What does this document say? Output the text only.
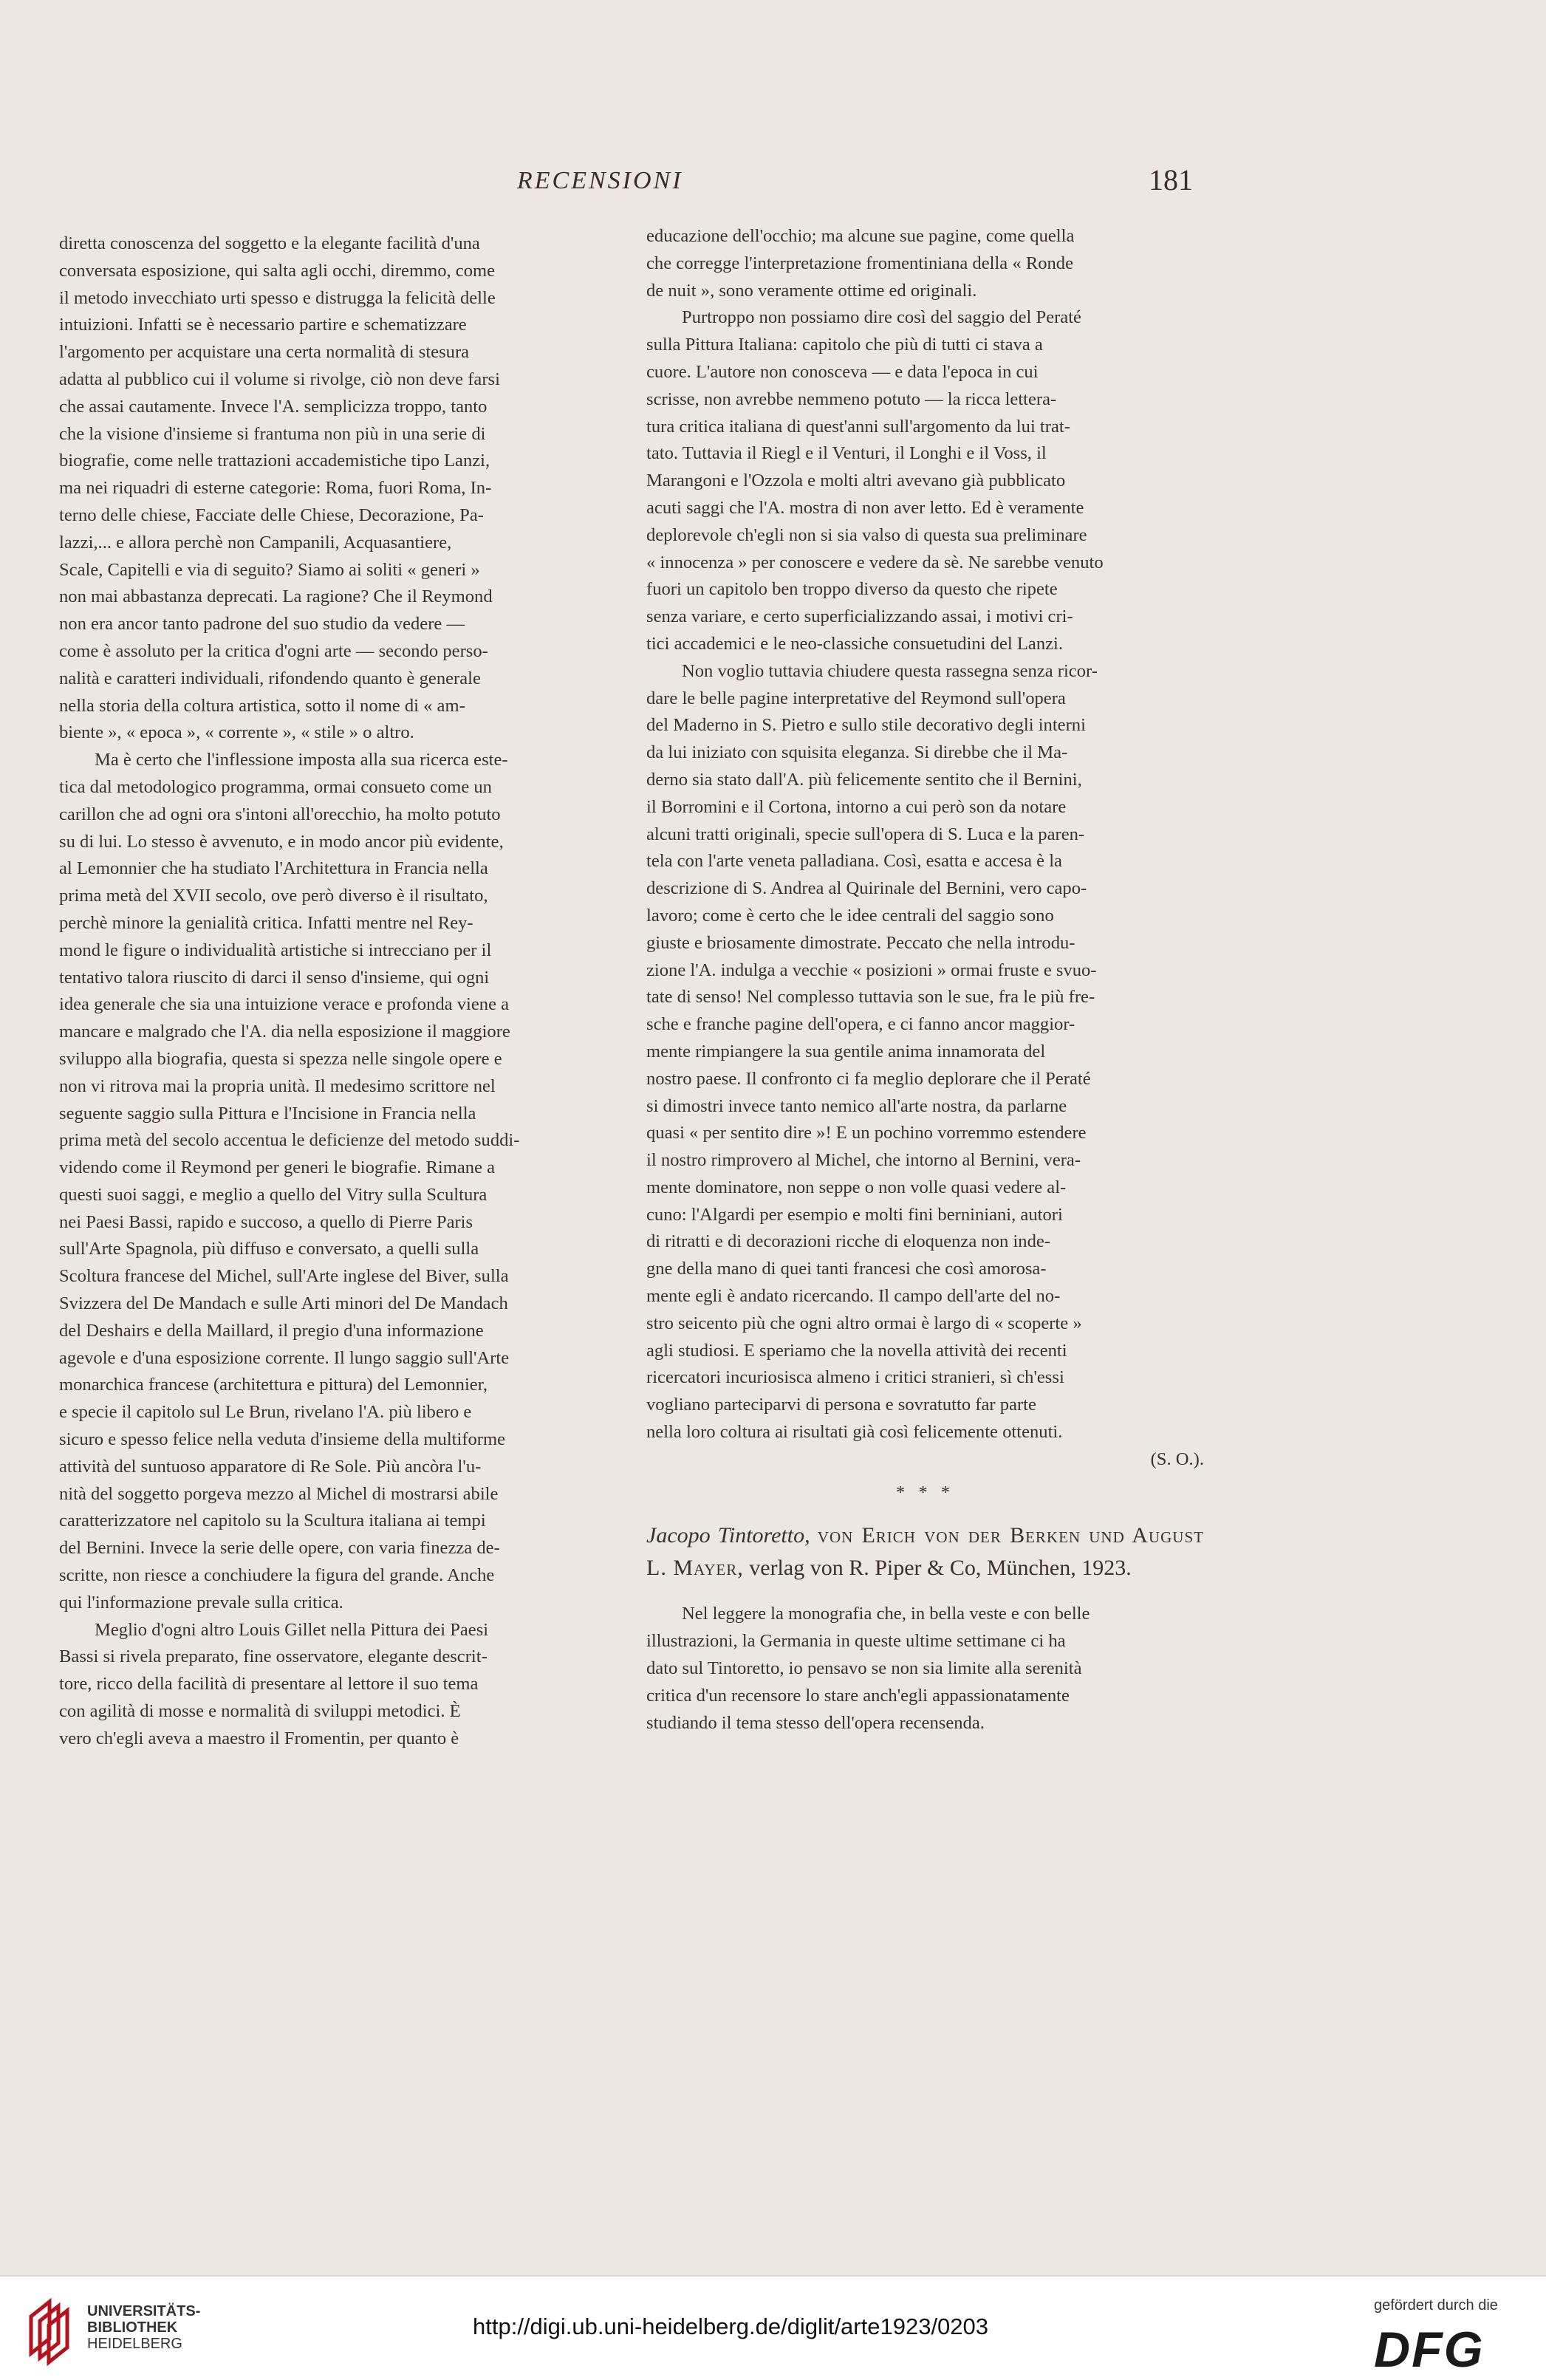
RECENSIONI	181
diretta conoscenza del soggetto e la elegante facilità d'una
conversata esposizione, qui salta agli occhi, diremmo, come
il metodo invecchiato urti spesso e distrugga la felicità delle
intuizioni. Infatti se è necessario partire e schematizzare
l'argomento per acquistare una certa normalità di stesura
adatta al pubblico cui il volume si rivolge, ciò non deve farsi
che assai cautamente. Invece l'A. semplicizza troppo, tanto
che la visione d'insieme si frantuma non più in una serie di
biografie, come nelle trattazioni accademistiche tipo Lanzi,
ma nei riquadri di esterne categorie: Roma, fuori Roma, In-
terno delle chiese, Facciate delle Chiese, Decorazione, Pa-
lazzi,... e allora perchè non Campanili, Acquasantiere,
Scale, Capitelli e via di seguito? Siamo ai soliti « generi »
non mai abbastanza deprecati. La ragione? Che il Reymond
non era ancor tanto padrone del suo studio da vedere —
come è assoluto per la critica d'ogni arte — secondo perso-
nalità e caratteri individuali, rifondendo quanto è generale
nella storia della coltura artistica, sotto il nome di « am-
biente », « epoca », « corrente », « stile » o altro.
Ma è certo che l'inflessione imposta alla sua ricerca este-
tica dal metodologico programma, ormai consueto come un
carillon che ad ogni ora s'intoni all'orecchio, ha molto potuto
su di lui. Lo stesso è avvenuto, e in modo ancor più evidente,
al Lemonnier che ha studiato l'Architettura in Francia nella
prima metà del XVII secolo, ove però diverso è il risultato,
perchè minore la genialità critica. Infatti mentre nel Rey-
mond le figure o individualità artistiche si intrecciano per il
tentativo talora riuscito di darci il senso d'insieme, qui ogni
idea generale che sia una intuizione verace e profonda viene a
mancare e malgrado che l'A. dia nella esposizione il maggiore
sviluppo alla biografia, questa si spezza nelle singole opere e
non vi ritrova mai la propria unità. Il medesimo scrittore nel
seguente saggio sulla Pittura e l'Incisione in Francia nella
prima metà del secolo accentua le deficienze del metodo suddi-
videndo come il Reymond per generi le biografie. Rimane a
questi suoi saggi, e meglio a quello del Vitry sulla Scultura
nei Paesi Bassi, rapido e succoso, a quello di Pierre Paris
sull'Arte Spagnola, più diffuso e conversato, a quelli sulla
Scoltura francese del Michel, sull'Arte inglese del Biver, sulla
Svizzera del De Mandach e sulle Arti minori del De Mandach
del Deshairs e della Maillard, il pregio d'una informazione
agevole e d'una esposizione corrente. Il lungo saggio sull'Arte
monarchica francese (architettura e pittura) del Lemonnier,
e specie il capitolo sul Le Brun, rivelano l'A. più libero e
sicuro e spesso felice nella veduta d'insieme della multiforme
attività del suntuoso apparatore di Re Sole. Più ancòra l'u-
nità del soggetto porgeva mezzo al Michel di mostrarsi abile
caratterizzatore nel capitolo su la Scultura italiana ai tempi
del Bernini. Invece la serie delle opere, con varia finezza de-
scritte, non riesce a conchiudere la figura del grande. Anche
qui l'informazione prevale sulla critica.
Meglio d'ogni altro Louis Gillet nella Pittura dei Paesi
Bassi si rivela preparato, fine osservatore, elegante descrit-
tore, ricco della facilità di presentare al lettore il suo tema
con agilità di mosse e normalità di sviluppi metodici. È
vero ch'egli aveva a maestro il Fromentin, per quanto è
educazione dell'occhio; ma alcune sue pagine, come quella
che corregge l'interpretazione fromentiniana della « Ronde
de nuit », sono veramente ottime ed originali.
Purtroppo non possiamo dire così del saggio del Peraté
sulla Pittura Italiana: capitolo che più di tutti ci stava a
cuore. L'autore non conosceva — e data l'epoca in cui
scrisse, non avrebbe nemmeno potuto — la ricca lettera-
tura critica italiana di quest'anni sull'argomento da lui trat-
tato. Tuttavia il Riegl e il Venturi, il Longhi e il Voss, il
Marangoni e l'Ozzola e molti altri avevano già pubblicato
acuti saggi che l'A. mostra di non aver letto. Ed è veramente
deplorevole ch'egli non si sia valso di questa sua preliminare
« innocenza » per conoscere e vedere da sè. Ne sarebbe venuto
fuori un capitolo ben troppo diverso da questo che ripete
senza variare, e certo superficializzando assai, i motivi cri-
tici accademici e le neo-classiche consuetudini del Lanzi.
Non voglio tuttavia chiudere questa rassegna senza ricor-
dare le belle pagine interpretative del Reymond sull'opera
del Maderno in S. Pietro e sullo stile decorativo degli interni
da lui iniziato con squisita eleganza. Si direbbe che il Ma-
derno sia stato dall'A. più felicemente sentito che il Bernini,
il Borromini e il Cortona, intorno a cui però son da notare
alcuni tratti originali, specie sull'opera di S. Luca e la paren-
tela con l'arte veneta palladiana. Così, esatta e accesa è la
descrizione di S. Andrea al Quirinale del Bernini, vero capo-
lavoro; come è certo che le idee centrali del saggio sono
giuste e briosamente dimostrate. Peccato che nella introdu-
zione l'A. indulga a vecchie « posizioni » ormai fruste e svuo-
tate di senso! Nel complesso tuttavia son le sue, fra le più fre-
sche e franche pagine dell'opera, e ci fanno ancor maggior-
mente rimpiangere la sua gentile anima innamorata del
nostro paese. Il confronto ci fa meglio deplorare che il Peraté
si dimostri invece tanto nemico all'arte nostra, da parlarne
quasi « per sentito dire »! E un pochino vorremmo estendere
il nostro rimprovero al Michel, che intorno al Bernini, vera-
mente dominatore, non seppe o non volle quasi vedere al-
cuno: l'Algardi per esempio e molti fini berniniani, autori
di ritratti e di decorazioni ricche di eloquenza non inde-
gne della mano di quei tanti francesi che così amorosa-
mente egli è andato ricercando. Il campo dell'arte del no-
stro seicento più che ogni altro ormai è largo di « scoperte »
agli studiosi. E speriamo che la novella attività dei recenti
ricercatori incuriosisca almeno i critici stranieri, sì ch'essi
vogliano parteciparvi di persona e sovratutto far parte
nella loro coltura ai risultati già così felicemente ottenuti.
(S. O.).
* * *
Jacopo Tintoretto, von Erich von der Berken und August L. Mayer, verlag von R. Piper & Co, München, 1923.
Nel leggere la monografia che, in bella veste e con belle
illustrazioni, la Germania in queste ultime settimane ci ha
dato sul Tintoretto, io pensavo se non sia limite alla serenità
critica d'un recensore lo stare anch'egli appassionatamente
studiando il tema stesso dell'opera recensenda.
UNIVERSITÄTS-
BIBLIOTHEK
HEIDELBERG
http://digi.ub.uni-heidelberg.de/diglit/arte1923/0203
gefördert durch die
DFG
